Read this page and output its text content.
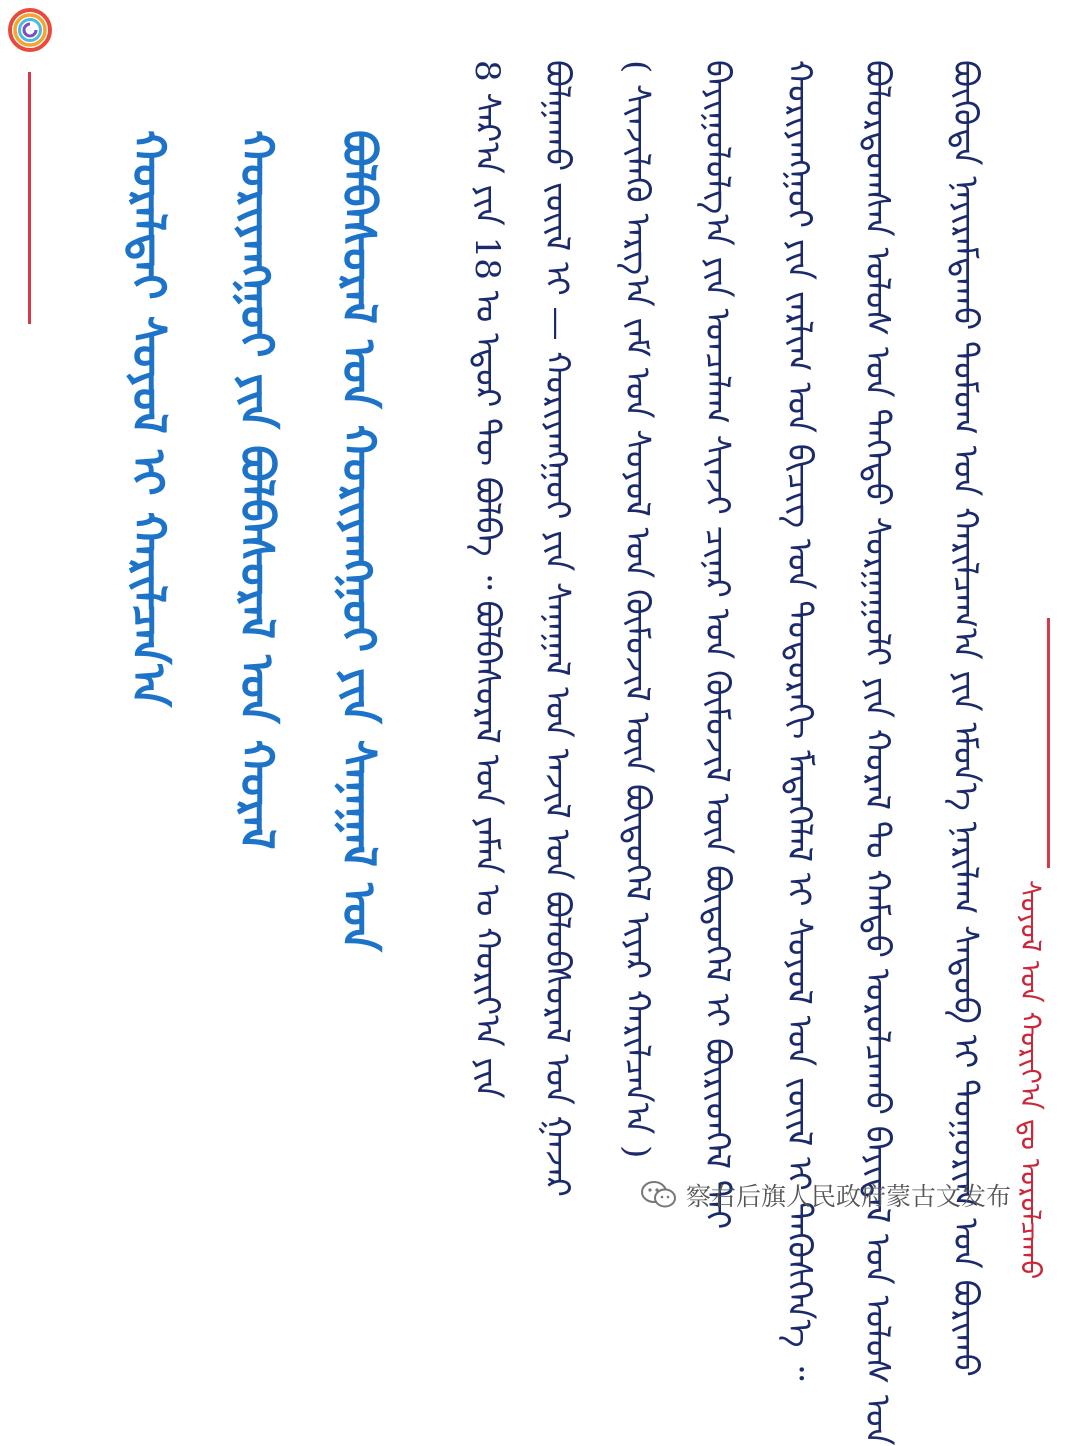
ᠰᠣᠶᠣᠯ ᠤᠨ ᠬᠣᠷᠢᠶ᠎ᠠ ᠳᠤ ᠣᠷᠣᠯᠴᠠᠬᠤ
ᠪᠦᠭᠦᠳᠡ ᠨᠠᠶᠢᠷᠠᠮᠳᠠᠬᠤ ᠳᠣᠮᠣᠭ ᠤᠨ ᠬᠠᠷᠢᠯᠴᠠᠭ᠎ᠠ ᠶᠢᠨ ᠡᠮᠦᠨ᠎ᠡ ᠨᠠᠷᠢᠯᠠᠭ ᠰᠡᠳᠦᠪ ᠢ ᠲᠣᠭᠣᠷᠢᠭ ᠤᠨ ᠪᠤᠷᠢᠬᠤ
ᠪᠣᠯᠣᠷᠳᠣᠭᠰᠠᠨ ᠤᠯᠤᠰ ᠤᠨ ᠳᠡᠭᠡᠳᠦ ᠰᠤᠷᠭᠠᠭᠤᠯᠢ ᠶᠢᠨ ᠬᠤᠷᠠᠯ ᠲᠤ ᠬᠠᠮᠲᠤ ᠣᠷᠣᠯᠴᠠᠬᠤ ᠪᠠᠶᠢᠳᠠᠯ ᠤᠨ ᠤᠯᠤᠰ ᠤᠨ
ᠬᠣᠷᠢᠶᠠᠩᠭᠤᠢ ᠶᠢᠨ ᠵᠠᠷᠯᠢᠭ ᠤᠨ ᠪᠢᠴᠢᠭ ᠤᠨ ᠳᠣᠳᠣᠷᠠᠬᠢ ᠮᠡᠳᠡᠭᠡᠯᠡᠯ ᠢ ᠰᠣᠶᠣᠯ ᠤᠨ ᠵᠦᠢᠯ ᠢ ᠲᠡᠭᠦᠰᠭᠡᠨ᠎ᠡ ᠃
ᠪᠠᠶᠢᠭᠤᠯᠤᠯᠭ᠎ᠠ ᠶᠢᠨ ᠣᠨᠴᠠᠯᠠᠭ ᠰᠢᠨᠵᠢ ᠴᠢᠨᠠᠷ ᠤᠨ ᠬᠦᠮᠦᠵᠢᠯ ᠦᠨ ᠪᠦᠲᠦᠭᠡᠯ ᠢ ᠪᠦᠷᠢᠳᠬᠡᠯ ᠲᠡᠢ
( ᠰᠢᠨᠵᠢᠯᠡᠬᠦ ᠠᠷᠭ᠎ᠠ ᠵᠠᠮ ᠤᠨ ᠰᠣᠶᠣᠯ ᠤᠨ ᠬᠦᠮᠦᠵᠢᠯ ᠦᠨ ᠪᠦᠲᠦᠭᠡᠯ ᠢᠶᠡᠷ ᠬᠠᠷᠢᠯᠴᠠᠨ᠎ᠠ )
ᠪᠣᠯᠭᠠᠬᠤ ᠵᠦᠢᠯ ᠢ — ᠬᠣᠷᠢᠶᠠᠩᠭᠤᠢ ᠶᠢᠨ ᠰᠠᠨᠠᠭᠠᠯ ᠤᠨ ᠠᠵᠢᠯ ᠤᠨ ᠪᠣᠯᠣᠪᠰᠤᠷᠠᠯ ᠤᠨ ᠭᠠᠵᠠᠷ
8 ᠰᠠᠷ᠎ᠠ ᠶᠢᠨ 18 ᠤ ᠡᠳᠦᠷ ᠲᠦ ᠪᠣᠯᠪᠠ ᠃ ᠪᠣᠯᠪᠠᠰᠤᠷᠠᠯ ᠤᠨ ᠶᠠᠮᠠᠨ ᠤ ᠬᠣᠷᠢᠶ᠎ᠠ ᠶᠢᠨ
ᠪᠣᠯᠪᠠᠰᠤᠷᠠᠯ ᠤᠨ ᠬᠤᠷᠢᠶᠠᠩᠭᠤᠢ ᠶᠢᠨ ᠰᠠᠨᠠᠭᠠᠯ ᠤᠨ
ᠬᠣᠷᠢᠶᠠᠩᠭᠤᠢ ᠶᠢᠨ ᠪᠣᠯᠪᠠᠰᠤᠷᠠᠯ ᠤᠨ ᠬᠤᠷᠠᠯ
ᠬᠤᠷᠠᠯᠳᠠᠶ ᠰᠣᠶᠣᠯ ᠢ ᠬᠠᠷᠢᠯᠴᠠᠨ᠎ᠠ
察右后旗人民政府蒙古文发布
